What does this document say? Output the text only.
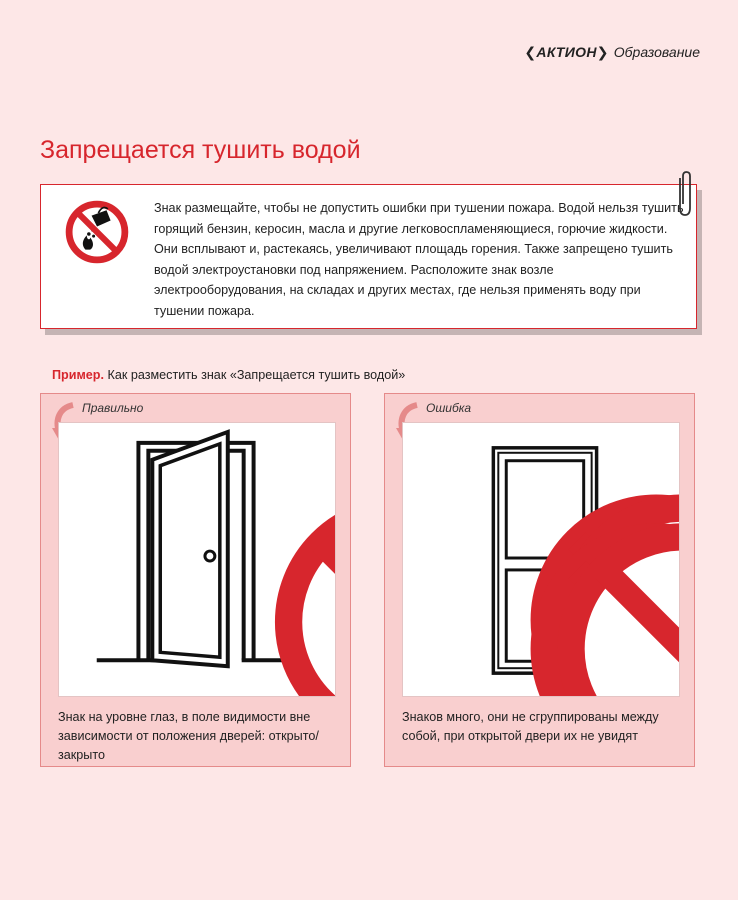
❮АКТИОН❯ Образование
Запрещается тушить водой

Знак размещайте, чтобы не допустить ошибки при тушении пожара. Водой нельзя тушить горящий бензин, керосин, масла и другие легковоспламеняющиеся, горючие жидкости. Они всплывают и, растекаясь, увеличивают площадь горения. Также запрещено тушить водой электроустановки под напряжением. Расположите знак возле электрооборудования, на складах и других местах, где нельзя применять воду при тушении пожара.

Пример. Как разместить знак «Запрещается тушить водой»

Правильно

Знак на уровне глаз, в поле видимости вне зависимости от положения дверей: открыто/закрыто

Ошибка

Знаков много, они не сгруппированы между собой, при открытой двери их не увидят
